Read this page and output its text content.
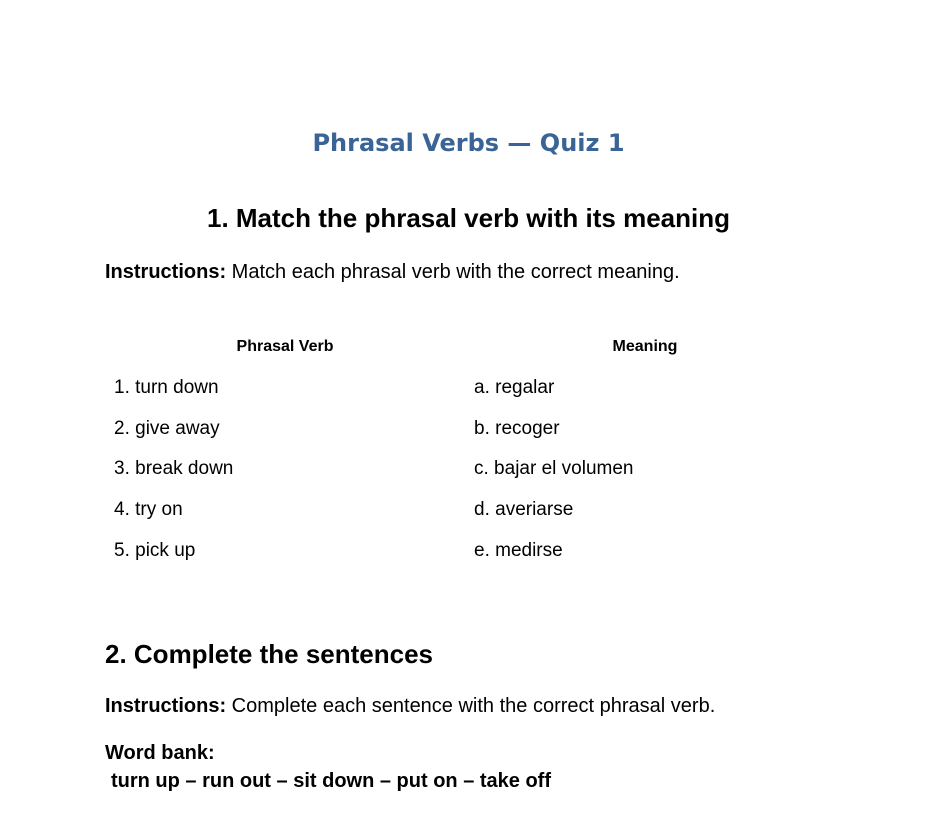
Phrasal Verbs — Quiz 1
1. Match the phrasal verb with its meaning
Instructions: Match each phrasal verb with the correct meaning.
Phrasal Verb	Meaning
1. turn down	a. regalar
2. give away	b. recoger
3. break down	c. bajar el volumen
4. try on	d. averiarse
5. pick up	e. medirse
2. Complete the sentences
Instructions: Complete each sentence with the correct phrasal verb.
Word bank:
turn up – run out – sit down – put on – take off
